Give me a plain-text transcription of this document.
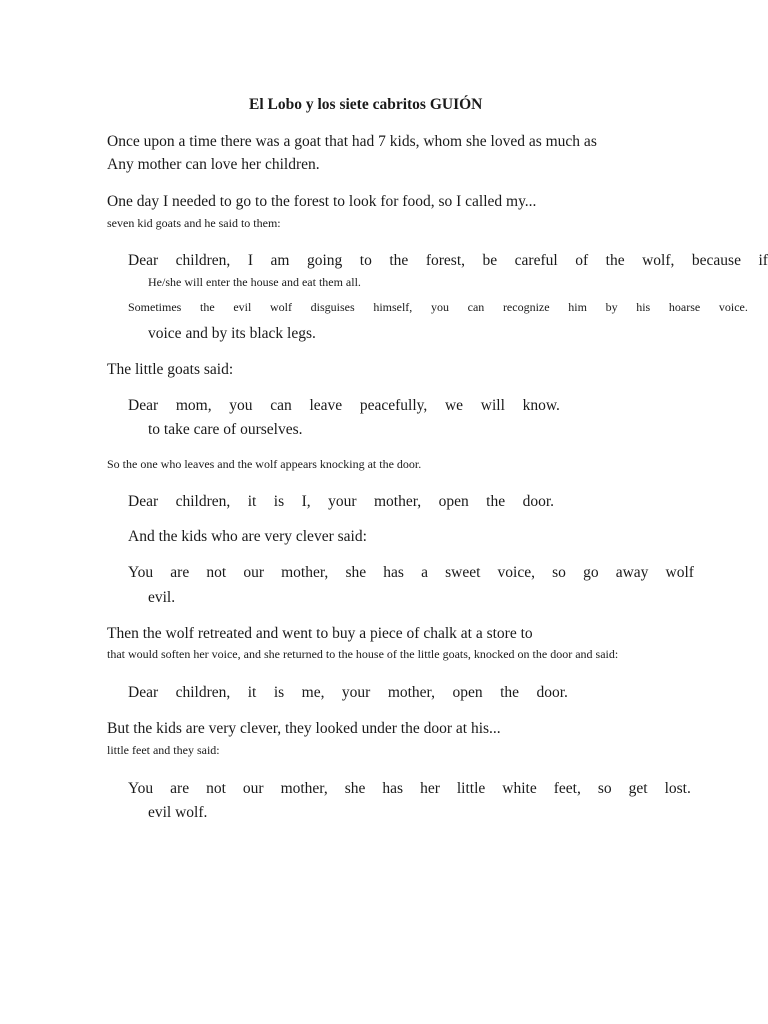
El Lobo y los siete cabritos GUIÓN
Once upon a time there was a goat that had 7 kids, whom she loved as much as
Any mother can love her children.
One day I needed to go to the forest to look for food, so I called my...
seven kid goats and he said to them:
Dear children, I am going to the forest, be careful of the wolf, because if
He/she will enter the house and eat them all.
Sometimes the evil wolf disguises himself, you can recognize him by his hoarse voice.
voice and by its black legs.
The little goats said:
Dear mom, you can leave peacefully, we will know.
to take care of ourselves.
So the one who leaves and the wolf appears knocking at the door.
Dear children, it is I, your mother, open the door.
And the kids who are very clever said:
You are not our mother, she has a sweet voice, so go away wolf
evil.
Then the wolf retreated and went to buy a piece of chalk at a store to
that would soften her voice, and she returned to the house of the little goats, knocked on the door and said:
Dear children, it is me, your mother, open the door.
But the kids are very clever, they looked under the door at his...
little feet and they said:
You are not our mother, she has her little white feet, so get lost.
evil wolf.
